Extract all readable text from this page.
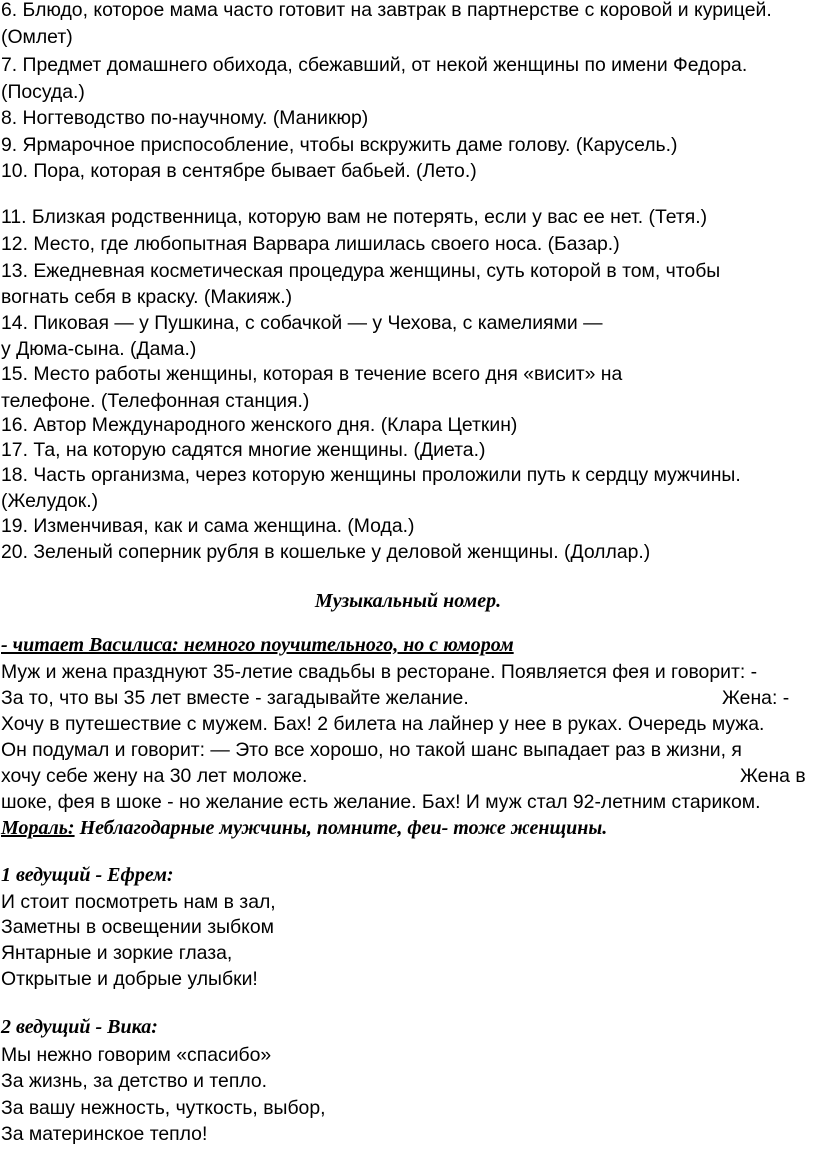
6. Блюдо, которое мама часто готовит на завтрак в партнерстве с коровой и курицей.
(Омлет)
7. Предмет домашнего обихода, сбежавший, от некой женщины по имени Федора.
(Посуда.)
8. Ногтеводство по-научному. (Маникюр)
9. Ярмарочное приспособление, чтобы вскружить даме голову. (Карусель.)
10. Пора, которая в сентябре бывает бабьей. (Лето.)
11. Близкая родственница, которую вам не потерять, если у вас ее нет. (Тетя.)
12. Место, где любопытная Варвара лишилась своего носа. (Базар.)
13. Ежедневная косметическая процедура женщины, суть которой в том, чтобы
вогнать себя в краску. (Макияж.)
14. Пиковая — у Пушкина, с собачкой — у Чехова, с камелиями —
у Дюма-сына. (Дама.)
15. Место работы женщины, которая в течение всего дня «висит» на
телефоне. (Телефонная станция.)
16. Автор Международного женского дня. (Клара Цеткин)
17. Та, на которую садятся многие женщины. (Диета.)
18. Часть организма, через которую женщины проложили путь к сердцу мужчины.
(Желудок.)
19. Изменчивая, как и сама женщина. (Мода.)
20. Зеленый соперник рубля в кошельке у деловой женщины. (Доллар.)
Музыкальный номер.
- читает Василиса: немного поучительного, но с юмором
Муж и жена празднуют 35-летие свадьбы в ресторане. Появляется фея и говорит: -
За то, что вы 35 лет вместе - загадывайте желание.	Жена: -
Хочу в путешествие с мужем. Бах! 2 билета на лайнер у нее в руках. Очередь мужа.
Он подумал и говорит: — Это все хорошо, но такой шанс выпадает раз в жизни, я
хочу себе жену на 30 лет моложе.	Жена в
шоке, фея в шоке - но желание есть желание. Бах! И муж стал 92-летним стариком.
Мораль: Неблагодарные мужчины, помните, феи- тоже женщины.
1 ведущий - Ефрем:
И стоит посмотреть нам в зал,
Заметны в освещении зыбком
Янтарные и зоркие глаза,
Открытые и добрые улыбки!
2 ведущий - Вика:
Мы нежно говорим «спасибо»
За жизнь, за детство и тепло.
За вашу нежность, чуткость, выбор,
За материнское тепло!
